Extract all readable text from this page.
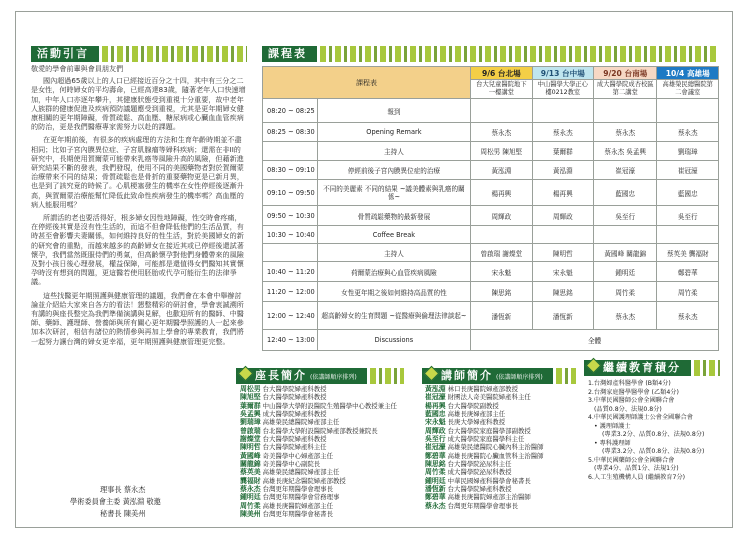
活動引言

敬愛的學會前輩與會員朋友們

國內超過65歲以上的人口已經接近百分之十四，其中有三分之二是女性，何時婦女的平均壽命，已經高達83歲，隨著老年人口快速增加，中年人口亦逐年攀升，其健康狀態受到重視十分重要，故中老年人族群的健康促進及疾病預防議題應受到重視，尤其是更年期婦女健康相關的更年期障礙，骨質疏鬆、高血壓、糖尿病或心臟血血管疾病的防治，更是我們醫療專家需努力以赴的課題。

在更年期前後，有很多的疾病處理的方法和生育年齡時期並不盡相同；比如子宮內膜異位症、子宮肌腺瘤等婦科疾病；還需在非II的研究中，長期使用賀爾蒙可能帶來乳癌等風險升高的風險，但藉新進研究結果不斷的發表，我們發現，使用不同的美國藥物者對於賀爾蒙治療帶來不同的結果；骨質疏鬆也是骨折的重要藥物更是已新月異，也是到了該究竟的時候了。心肌梗塞發生的機率在女性停經後逐漸升高，與賀爾蒙治療能幫忙降低此致命性疾病發生的機率嗎？高血壓的病人能服用嗎？

所謂活的老也要活得好，根多婦女因性地障礙，性交時會疼痛，在停經後其實是沒有性生活的，而這不但會降低他們的生活品質，有時甚至會影響夫妻關係，如何維持良好的性生活，對於美國婦女的新的研究會的重點，而越來越多的高齡婦女在接近其或已停經後還試著懷孕，我們當然既服侍們的勇氣，但高齡懷孕對他們身體帶來的風險及對小孩日後心理發展，權益保障，可能都是還值得女們醫知其實懷孕時沒有想到的問題，更這醫若使用胚胎或代孕可能衍生的法律爭議。

這些找醫更年期照護與健康管理的議題，我們會在本會中舉辦討論並介紹給大家來自各方的看法！懇整精彩的研討會，學會衷誠溯所有講的與座長整完為我們準備演講與見解，也歡迎所有的醫師、中醫師、藥師、護理師、營養師與所有關心更年期醫學照護的人一起來參加本次研討，相信有諸位的熱情參與再加上學會的專業教育，我們將一起努力讓台灣的婦女更幸福，更年期照護與健康管理更完整。

理事長 蔡永杰
學術委員會主委 黃泓淵 敬邀
秘書長 陳美州
課程表
課程表		9/6 台北場	9/13 台中場	9/20 台南場	10/4 高雄場
		台大兒童醫院地下一樓講堂	中山醫學大學正心樓0212教室	成大醫學院成杏校區第二講堂	高雄榮民總醫院第二會議室
08:20 ~ 08:25	報到				
08:25 ~ 08:30	Opening Remark	蔡永杰	蔡永杰	蔡永杰	蔡永杰
	主持人	周松男 陳旭堅	葉爾群	蔡永杰 吳孟興	劉瑞璋
08:30 ~ 09:10	停經前後子宮內膜異位症的治療	黃泓淵	黃泓淵	崔冠濠	崔冠濠
09:10 ~ 09:50	不同的美麗素 不同的結果 ~議美體素與乳癌的關係~	楊再興	楊再興	藍國忠	藍國忠
09:50 ~ 10:30	骨質疏鬆藥物的最新發展	周輝政	周輝政	吳至行	吳至行
10:30 ~ 10:40	Coffee Break				
	主持人	曾啟瑞 謝燦堂	陳明哲	黃國峰 關龍錦	蔡英美 龔福財
10:40 ~ 11:20	荷爾蒙治療與心血管疾病風險	宋永魁	宋永魁	鍾明廷	鄭碧華
11:20 ~ 12:00	女性更年期之後如何維持高品質的性	陳思銘	陳思銘	周竹柔	周竹柔
12:00 ~ 12:40	超高齡婦女的生育問題 ~從醫療與倫理法律談起~	潘恆新	潘恆新	蔡永杰	蔡永杰
12:40 ~ 13:00	Discussions	全體			
座長簡介 (依講師順序排列)
周松男 台大醫學院婦產科教授
陳旭堅 台大醫學院婦產科教授
葉爾群 中山醫學大學附設醫院生殖醫學中心教授兼主任
吳孟興 成大醫學院婦產科教授
劉瑞璋 高雄榮民總醫院婦產部主任
曾啟瑞 台北醫學大學附設醫院婦產部教授兼院長
謝燦堂 台大醫學院婦產科教授
陳明哲 台大醫學院婦產科主任
黃國峰 奇美醫學中心婦產部主任
關龍錦 奇美醫學中心副院長
蔡英美 高雄榮民總醫院婦產部主任
龔福財 高雄長庚紀念醫院婦產部教授
蔡永杰 台灣更年期醫學會理事長
鍾明廷 台灣更年期醫學會常務理事
周竹柔 高雄長庚醫院婦產部主任
陳美州 台灣更年期醫學會秘書長
講師簡介 (依講師順序排列)
黃泓淵 林口長庚醫院婦產部教授
崔冠濠 財團法人奇美醫院婦產科主任
楊再興 台大醫學院副教授
藍國忠 高雄長庚婦產部主任
宋永魁 長庚大學婦產科教授
周輝政 台大醫學院家庭醫學部副教授
吳至行 成大醫學院家庭醫學科主任
崔冠濠 高雄榮民總醫院心臟內科主治醫師
鄭碧華 高雄長庚醫院心臟血管科主治醫師
陳思銘 台大醫學院泌尿科主任
周竹柔 成大醫學院泌尿科教授
鍾明廷 中華民國婦產科醫學會秘書長
潘恆新 台大醫學院婦產科教授
鄭碧華 高雄長庚醫院婦產部主治醫師
蔡永杰 台灣更年期醫學會理事長
繼續教育積分
1.台灣婦產科醫學會 (B類4分)
2.台灣家庭醫學醫學會 (乙類4分)
3.中華民國醫師公會全國聯合會
(品質0.8分、法規0.8分)
4.中華民國護理師護士公會全國聯合會
• 護理師護士
(專業3.2分、品質0.8分、法規0.8分)
• 專科護理師
(專業3.2分、品質0.8分、法規0.8分)
5.中華民國藥師公會全國聯合會
(專業4分、品質1分、法規1分)
6.人工生殖機構人員 (繼續教育7分)
